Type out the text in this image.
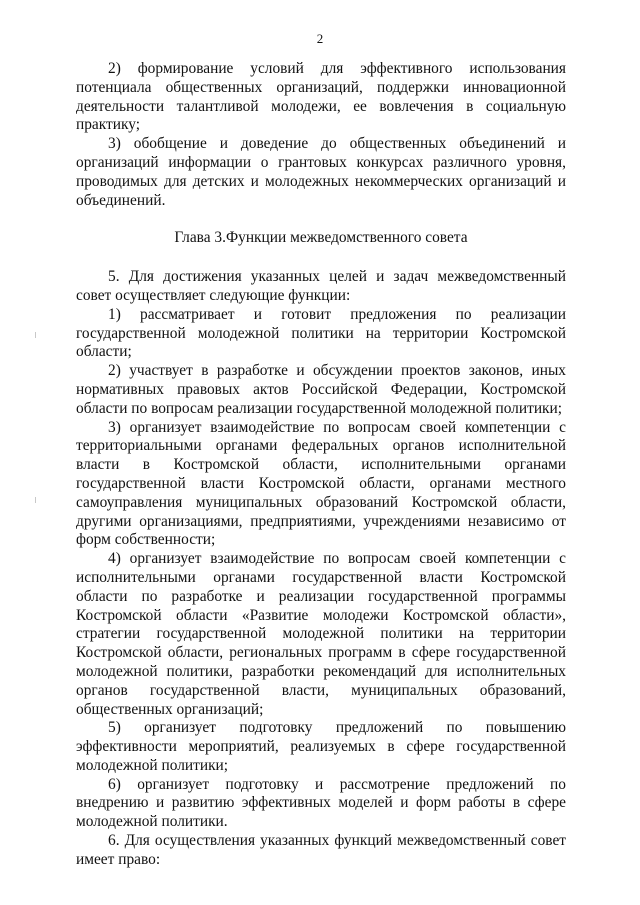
2

2) формирование условий для эффективного использования потенциала общественных организаций, поддержки инновационной деятельности талантливой молодежи, ее вовлечения в социальную практику;

3) обобщение и доведение до общественных объединений и организаций информации о грантовых конкурсах различного уровня, проводимых для детских и молодежных некоммерческих организаций и объединений.

Глава 3.Функции межведомственного совета

5. Для достижения указанных целей и задач межведомственный совет осуществляет следующие функции:

1) рассматривает и готовит предложения по реализации государственной молодежной политики на территории Костромской области;

2) участвует в разработке и обсуждении проектов законов, иных нормативных правовых актов Российской Федерации, Костромской области по вопросам реализации государственной молодежной политики;

3) организует взаимодействие по вопросам своей компетенции с территориальными органами федеральных органов исполнительной власти в Костромской области, исполнительными органами государственной власти Костромской области, органами местного самоуправления муниципальных образований Костромской области, другими организациями, предприятиями, учреждениями независимо от форм собственности;

4) организует взаимодействие по вопросам своей компетенции с исполнительными органами государственной власти Костромской области по разработке и реализации государственной программы Костромской области «Развитие молодежи Костромской области», стратегии государственной молодежной политики на территории Костромской области, региональных программ в сфере государственной молодежной политики, разработки рекомендаций для исполнительных органов государственной власти, муниципальных образований, общественных организаций;

5) организует подготовку предложений по повышению эффективности мероприятий, реализуемых в сфере государственной молодежной политики;

6) организует подготовку и рассмотрение предложений по внедрению и развитию эффективных моделей и форм работы в сфере молодежной политики.

6. Для осуществления указанных функций межведомственный совет имеет право:
